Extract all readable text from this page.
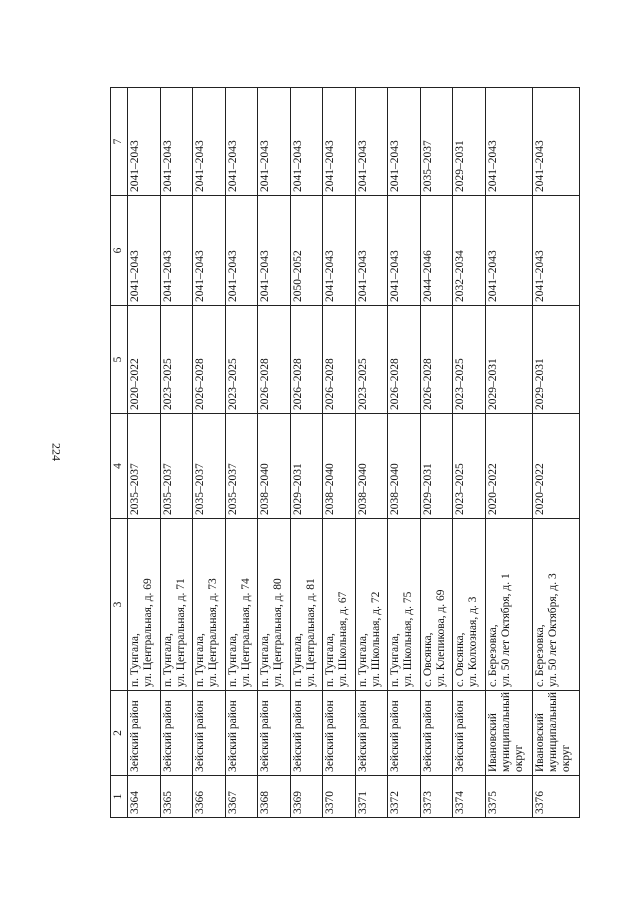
224
1	2	3	4	5	6	7
3364	Зейский район	п. Тунгала, ул. Центральная, д. 69	2035–2037	2020–2022	2041–2043	2041–2043
3365	Зейский район	п. Тунгала, ул. Центральная, д. 71	2035–2037	2023–2025	2041–2043	2041–2043
3366	Зейский район	п. Тунгала, ул. Центральная, д. 73	2035–2037	2026–2028	2041–2043	2041–2043
3367	Зейский район	п. Тунгала, ул. Центральная, д. 74	2035–2037	2023–2025	2041–2043	2041–2043
3368	Зейский район	п. Тунгала, ул. Центральная, д. 80	2038–2040	2026–2028	2041–2043	2041–2043
3369	Зейский район	п. Тунгала, ул. Центральная, д. 81	2029–2031	2026–2028	2050–2052	2041–2043
3370	Зейский район	п. Тунгала, ул. Школьная, д. 67	2038–2040	2026–2028	2041–2043	2041–2043
3371	Зейский район	п. Тунгала, ул. Школьная, д. 72	2038–2040	2023–2025	2041–2043	2041–2043
3372	Зейский район	п. Тунгала, ул. Школьная, д. 75	2038–2040	2026–2028	2041–2043	2041–2043
3373	Зейский район	с. Овсянка, ул. Клепикова, д. 69	2029–2031	2026–2028	2044–2046	2035–2037
3374	Зейский район	с. Овсянка, ул. Колхозная, д. 3	2023–2025	2023–2025	2032–2034	2029–2031
3375	Ивановский муниципальный округ	с. Березовка, ул. 50 лет Октября, д. 1	2020–2022	2029–2031	2041–2043	2041–2043
3376	Ивановский муниципальный округ	с. Березовка, ул. 50 лет Октября, д. 3	2020–2022	2029–2031	2041–2043	2041–2043
